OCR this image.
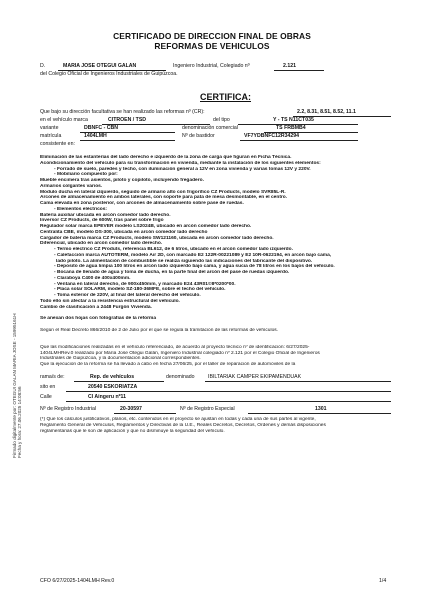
CERTIFICADO DE DIRECCION FINAL DE OBRAS
REFORMAS DE VEHICULOS
D.	MARIA JOSE OTEGUI GALAN	Ingeniero Industrial, Colegiado nº	2.121
del Colegio Oficial de Ingenieros Industriales de Guipúzcoa.
CERTIFICA:
Que bajo su dirección facultativa se han realizado las reformas nº (CR):	2.2, 8.31, 8.51, 8.52, 11.1
en el vehículo marca	CITROEN / TSD	del tipo	Y - TS N11CT035
variante	DBNFC - CBN	denominación comercial	TS FRBMB4
matrícula	1404LMH	Nº de bastidor	VF7YDBNFC12R34294
consistente en:
Eliminación de las estanterías del lado derecho e izquierdo de la zona de carga que figuran en Ficha Técnica.
Acondicionamiento del vehículo para su transformación en vivienda, mediante la instalación de los siguientes elementos:
- Forrado de suelo, paredes y techo, con iluminación general a 12V en zona vivienda y varias tomas 12V y 220V.
- Mobiliario compuesto por:
Mueble encimera tras asientos, piloto y copiloto, incluyendo fregadero.
Armarios colgantes varios.
Modulo ducha en lateral izquierdo, seguido de armario alto con frigorífico CZ Products, modelo SVR85L-R.
Arcones de almacenamiento en ambos laterales, con soporte para pata de mesa desmontable, en el centro.
Cama elevada en zona posterior, con arcones de almacenamiento sobre pase de ruedas.
- Elementos eléctricos:
Batería auxiliar ubicada en arcón comedor lado derecho.
Inversor CZ Products, de 600W, tras panel sobre frigo
Regulador solar marca EPEVER modelo LS2024B, ubicado en arcón comedor lado derecho.
Centralita CBE, modelo DS-300, ubicada en arcón comedor lado derecho
Cargador de batería marca CZ Products, modelo SW121160, ubicada en arcón comedor lado derecho.
Diferencial, ubicado en arcón comedor lado derecho.
- Termo eléctrico CZ Produts, referencia BL612, de 6 litros, ubicado en el arcón comedor lado izquierdo.
- Calefacción marca AUTOTERM, modelo Air 2D, con marcado E2 122R-00221089 y E2 10R-0622194, en arcón bajo cama,
lado piloto. La alimentación de combustible se realiza siguiendo las indicaciones del fabricante del dispositivo.
- Deposito de agua limpia 100 litros en arcón lado izquierdo bajo cama, y agua sucia de 78 litros en los bajos del vehículo.
- Bocana de llenado de agua y toma de ducha, en la parte final del arcón del pase de ruedas izquierdo.
- Claraboya C400 de 400x400mm.
- Ventana en lateral derecho, de 900x450mm, y marcado E24 43R01©8*0200*00.
- Placa solar SOLARM, modelo SZ-180-36MFE, sobre el techo del vehículo.
- Toma exterior de 220V, al final del lateral derecho del vehículo.
Todo ello sin afectar a la resistencia estructural del vehículo.
Cambio de clasificación a 2448 Furgón Vivienda.

Se anexan dos hojas con fotografías de la reforma

Según el Real Decreto 866/2010 de 2 de Julio por el que se regula la tramitación de las reformas de vehículos.

Que las modificaciones realizadas en el vehículo referenciado, de acuerdo al proyecto técnico nº de identificación: 6/27/2025-
1404LMHRev.0 realizado por María Jose Otegui Galán, Ingeniero Industrial colegiado nº 2.121 por el Colegio Oficial de Ingenieros
Industriales de Guipúzcoa, y la documentación adicional correspondientes.
Que la ejecución de la reforma se ha llevado a cabo en fecha 27/06/25, por el taller de reparación de automóviles de la
rama/s de:	Rep. de vehículos	denominado	IBILTARIAK CAMPER EKIPAMENDUAK
sito en	20540 ESKORIATZA
Calle	Cl Aingeru nº11
Nº de Registro Industrial	20-30597	Nº de Registro Especial	1301
(*) Que los cálculos justificativos, planos, etc. contenidos en el proyecto se ajustan en todas y cada una de sus partes al vigente,
Reglamento General de Vehículos, Reglamentos y Directivas de la U.E., Reales Decretos, Decretos, Ordenes y demás disposiciones
reglamentarias que le son de aplicación y que no disminuye la seguridad del vehículo.
Firmado digitalmente por: OTEGUI GALAN MARIA JOSE - 15995161H Fecha y hora: 27.06.2025 14:08:56
CFO 6/27/2025-1404LMH Rev.0	1/4
